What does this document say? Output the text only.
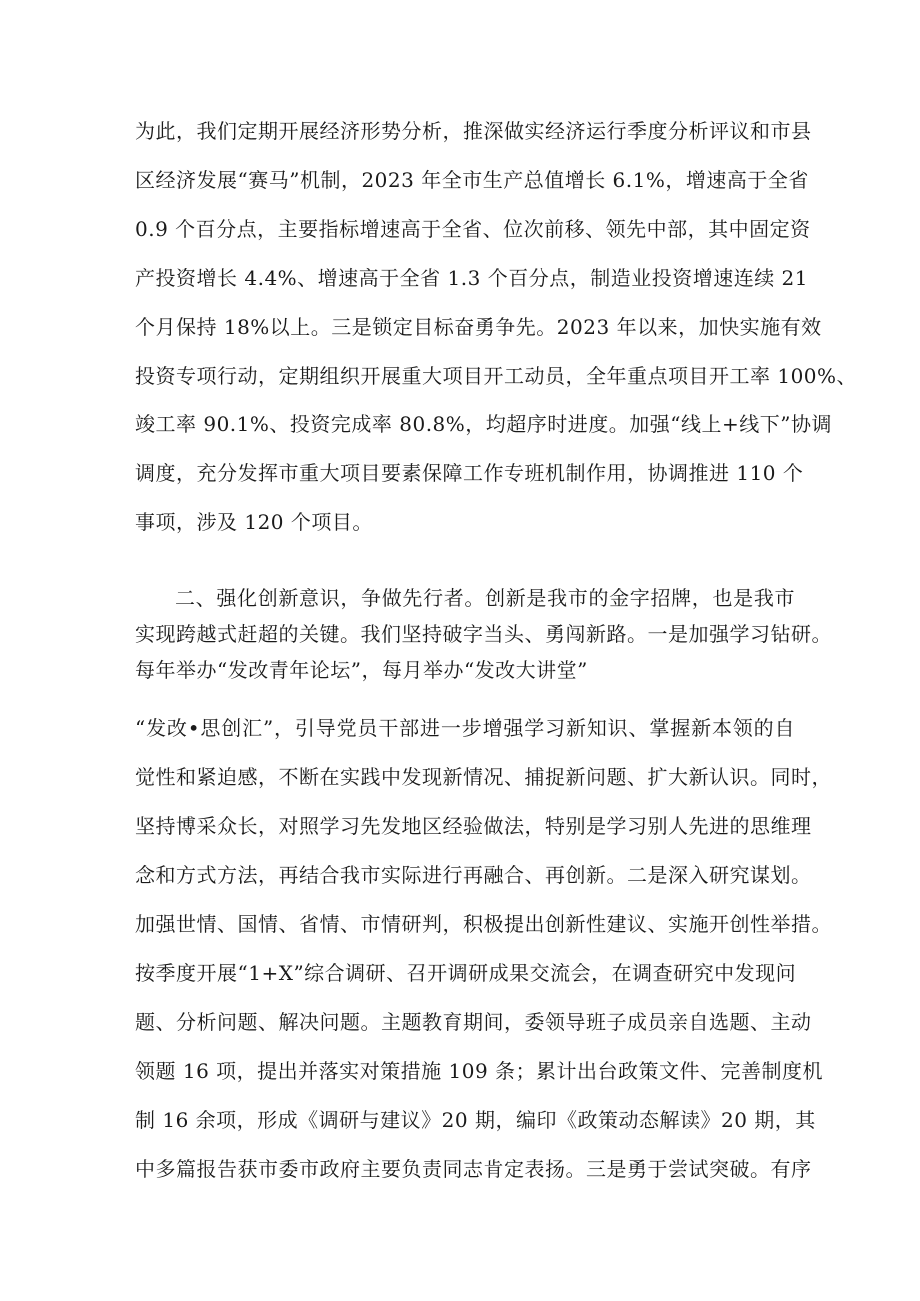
为此，我们定期开展经济形势分析，推深做实经济运行季度分析评议和市县
区经济发展“赛马”机制，2023 年全市生产总值增长 6.1%，增速高于全省
0.9 个百分点，主要指标增速高于全省、位次前移、领先中部，其中固定资
产投资增长 4.4%、增速高于全省 1.3 个百分点，制造业投资增速连续 21
个月保持 18%以上。三是锁定目标奋勇争先。2023 年以来，加快实施有效
投资专项行动，定期组织开展重大项目开工动员，全年重点项目开工率 100%、
竣工率 90.1%、投资完成率 80.8%，均超序时进度。加强“线上+线下”协调
调度，充分发挥市重大项目要素保障工作专班机制作用，协调推进 110 个
事项，涉及 120 个项目。
二、强化创新意识，争做先行者。创新是我市的金字招牌，也是我市
实现跨越式赶超的关键。我们坚持破字当头、勇闯新路。一是加强学习钻研。
每年举办“发改青年论坛”，每月举办“发改大讲堂”
“发改•思创汇”，引导党员干部进一步增强学习新知识、掌握新本领的自
觉性和紧迫感，不断在实践中发现新情况、捕捉新问题、扩大新认识。同时，
坚持博采众长，对照学习先发地区经验做法，特别是学习别人先进的思维理
念和方式方法，再结合我市实际进行再融合、再创新。二是深入研究谋划。
加强世情、国情、省情、市情研判，积极提出创新性建议、实施开创性举措。
按季度开展“1+X”综合调研、召开调研成果交流会，在调查研究中发现问
题、分析问题、解决问题。主题教育期间，委领导班子成员亲自选题、主动
领题 16 项，提出并落实对策措施 109 条；累计出台政策文件、完善制度机
制 16 余项，形成《调研与建议》20 期，编印《政策动态解读》20 期，其
中多篇报告获市委市政府主要负责同志肯定表扬。三是勇于尝试突破。有序
